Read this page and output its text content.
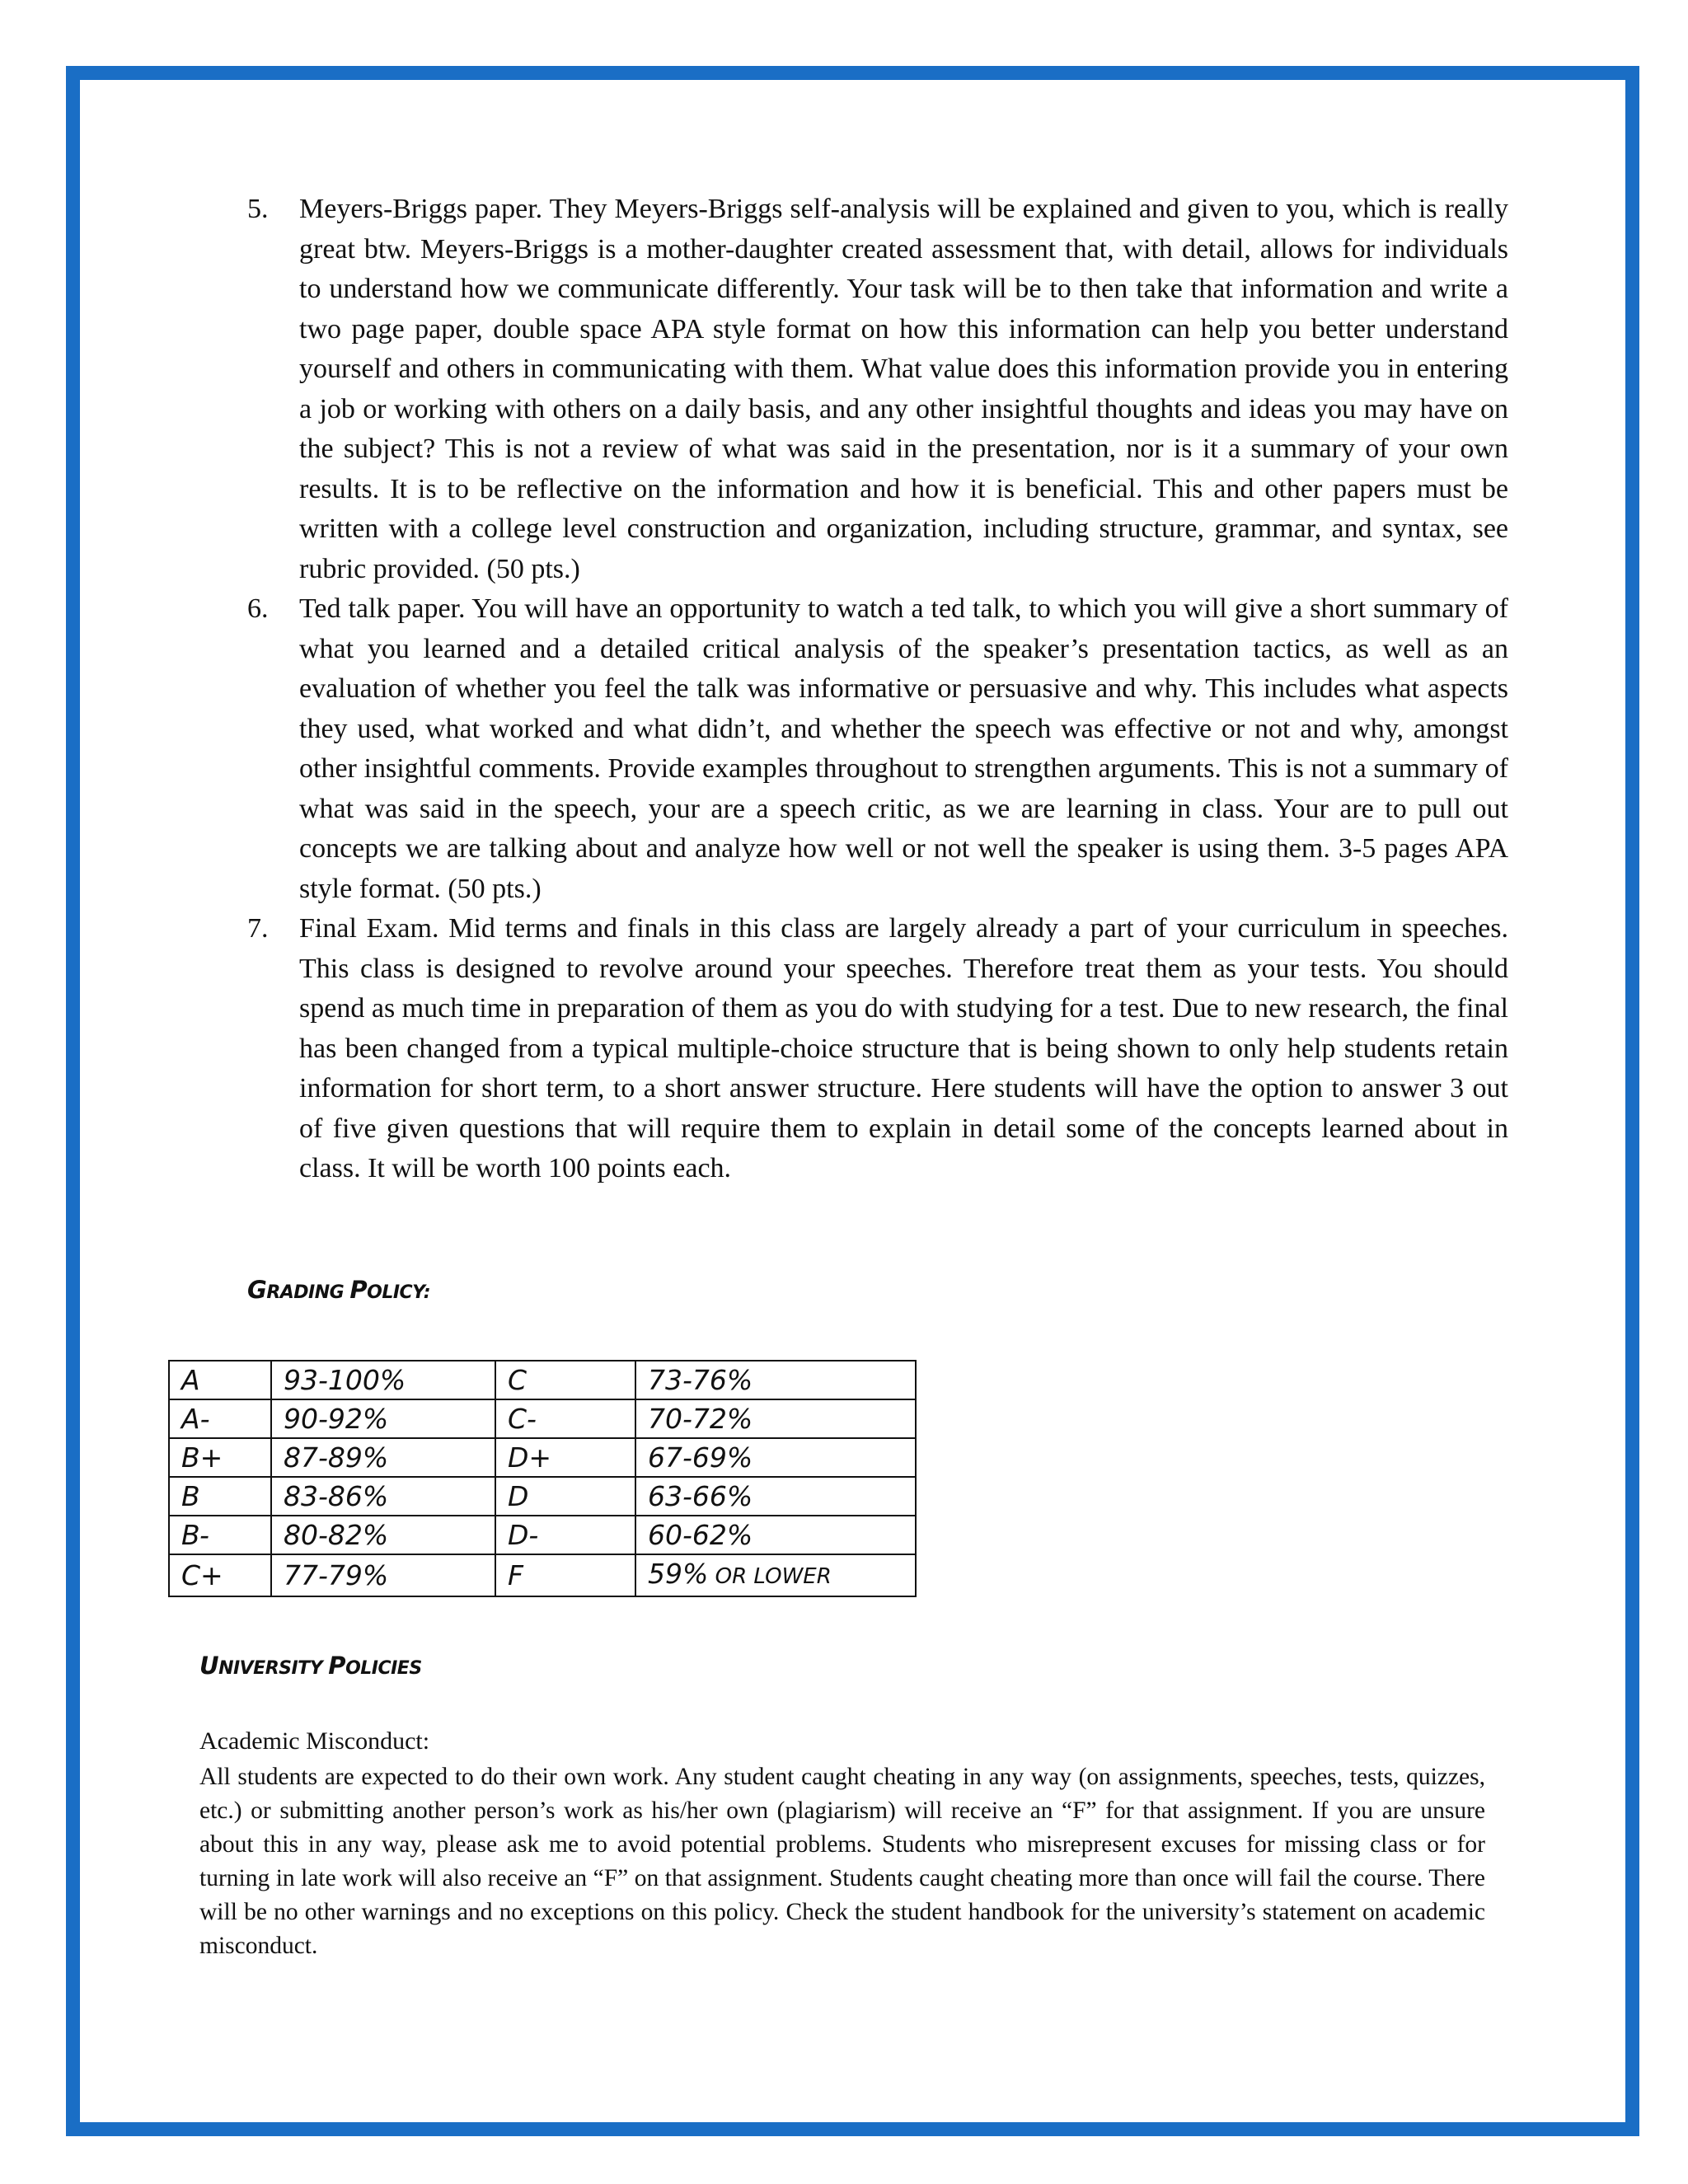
5. Meyers-Briggs paper. They Meyers-Briggs self-analysis will be explained and given to you, which is really great btw. Meyers-Briggs is a mother-daughter created assessment that, with detail, allows for individuals to understand how we communicate differently. Your task will be to then take that information and write a two page paper, double space APA style format on how this information can help you better understand yourself and others in communicating with them. What value does this information provide you in entering a job or working with others on a daily basis, and any other insightful thoughts and ideas you may have on the subject? This is not a review of what was said in the presentation, nor is it a summary of your own results. It is to be reflective on the information and how it is beneficial. This and other papers must be written with a college level construction and organization, including structure, grammar, and syntax, see rubric provided. (50 pts.)
6. Ted talk paper. You will have an opportunity to watch a ted talk, to which you will give a short summary of what you learned and a detailed critical analysis of the speaker’s presentation tactics, as well as an evaluation of whether you feel the talk was informative or persuasive and why. This includes what aspects they used, what worked and what didn’t, and whether the speech was effective or not and why, amongst other insightful comments. Provide examples throughout to strengthen arguments. This is not a summary of what was said in the speech, your are a speech critic, as we are learning in class. Your are to pull out concepts we are talking about and analyze how well or not well the speaker is using them. 3-5 pages APA style format. (50 pts.)
7. Final Exam. Mid terms and finals in this class are largely already a part of your curriculum in speeches. This class is designed to revolve around your speeches. Therefore treat them as your tests. You should spend as much time in preparation of them as you do with studying for a test. Due to new research, the final has been changed from a typical multiple-choice structure that is being shown to only help students retain information for short term, to a short answer structure. Here students will have the option to answer 3 out of five given questions that will require them to explain in detail some of the concepts learned about in class. It will be worth 100 points each.
GRADING POLICY:
A	93-100%	C	73-76%
A-	90-92%	C-	70-72%
B+	87-89%	D+	67-69%
B	83-86%	D	63-66%
B-	80-82%	D-	60-62%
C+	77-79%	F	59% OR LOWER
UNIVERSITY POLICIES

Academic Misconduct:

All students are expected to do their own work. Any student caught cheating in any way (on assignments, speeches, tests, quizzes, etc.) or submitting another person’s work as his/her own (plagiarism) will receive an “F” for that assignment. If you are unsure about this in any way, please ask me to avoid potential problems. Students who misrepresent excuses for missing class or for turning in late work will also receive an “F” on that assignment. Students caught cheating more than once will fail the course. There will be no other warnings and no exceptions on this policy. Check the student handbook for the university’s statement on academic misconduct.
